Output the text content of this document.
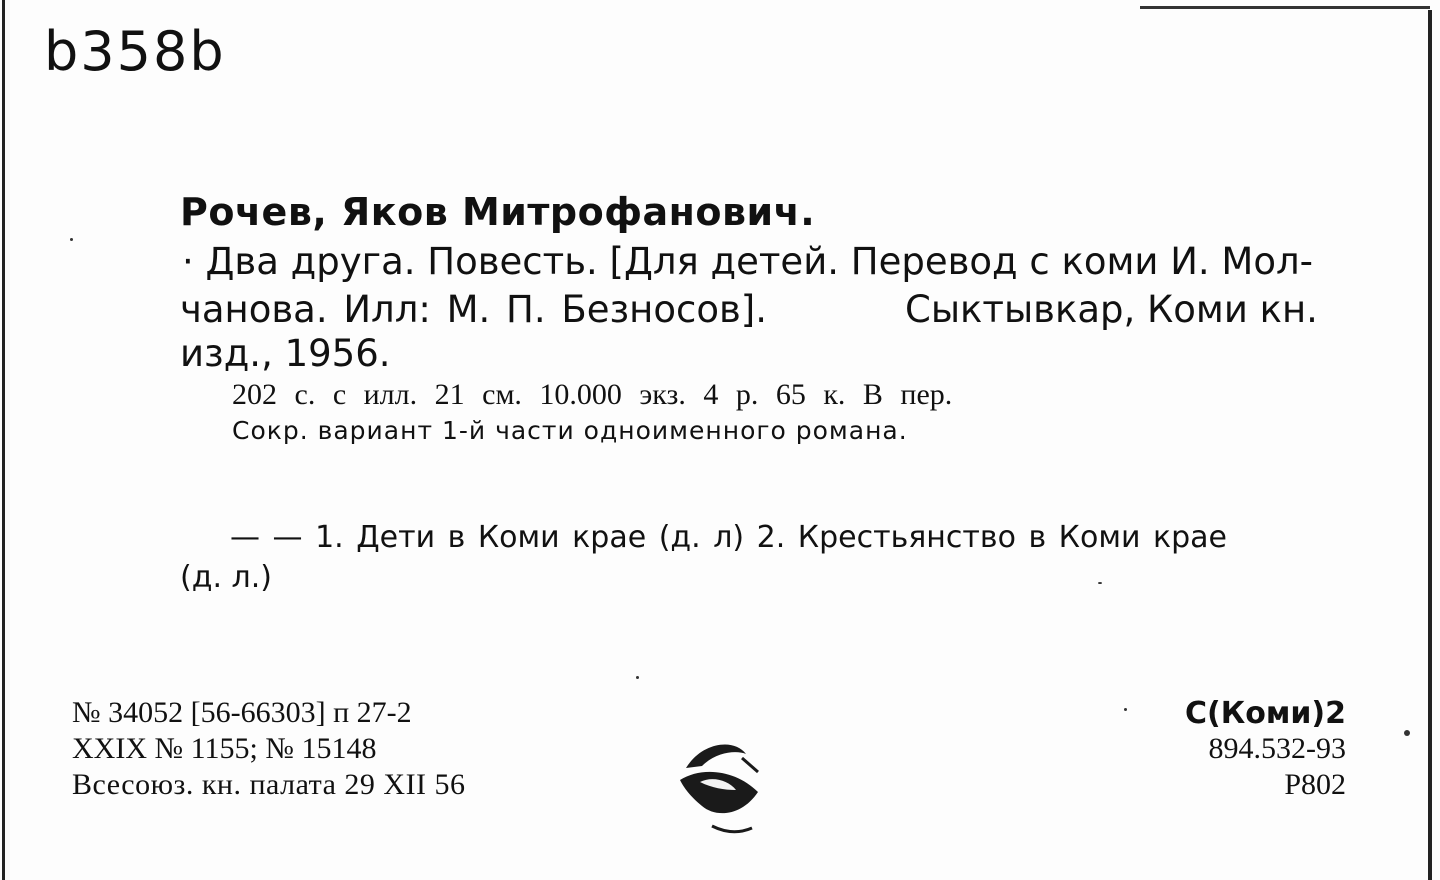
b358b

Рочев, Яков Митрофанович.

· Два друга. Повесть. [Для детей. Перевод с коми И. Мол-

чанова. Илл: М. П. Безносов].	Сыктывкар, Коми кн.

изд., 1956.

202 с. с илл. 21 см. 10.000 экз. 4 р. 65 к. В пер.

Сокр. вариант 1-й части одноименного романа.

— — 1. Дети в Коми крае (д. л) 2. Крестьянство в Коми крае

(д. л.)

№ 34052 [56-66303] п 27-2

XXIX № 1155; № 15148

Всесоюз. кн. палата 29 XII 56

С(Коми)2

894.532-93

Р802
